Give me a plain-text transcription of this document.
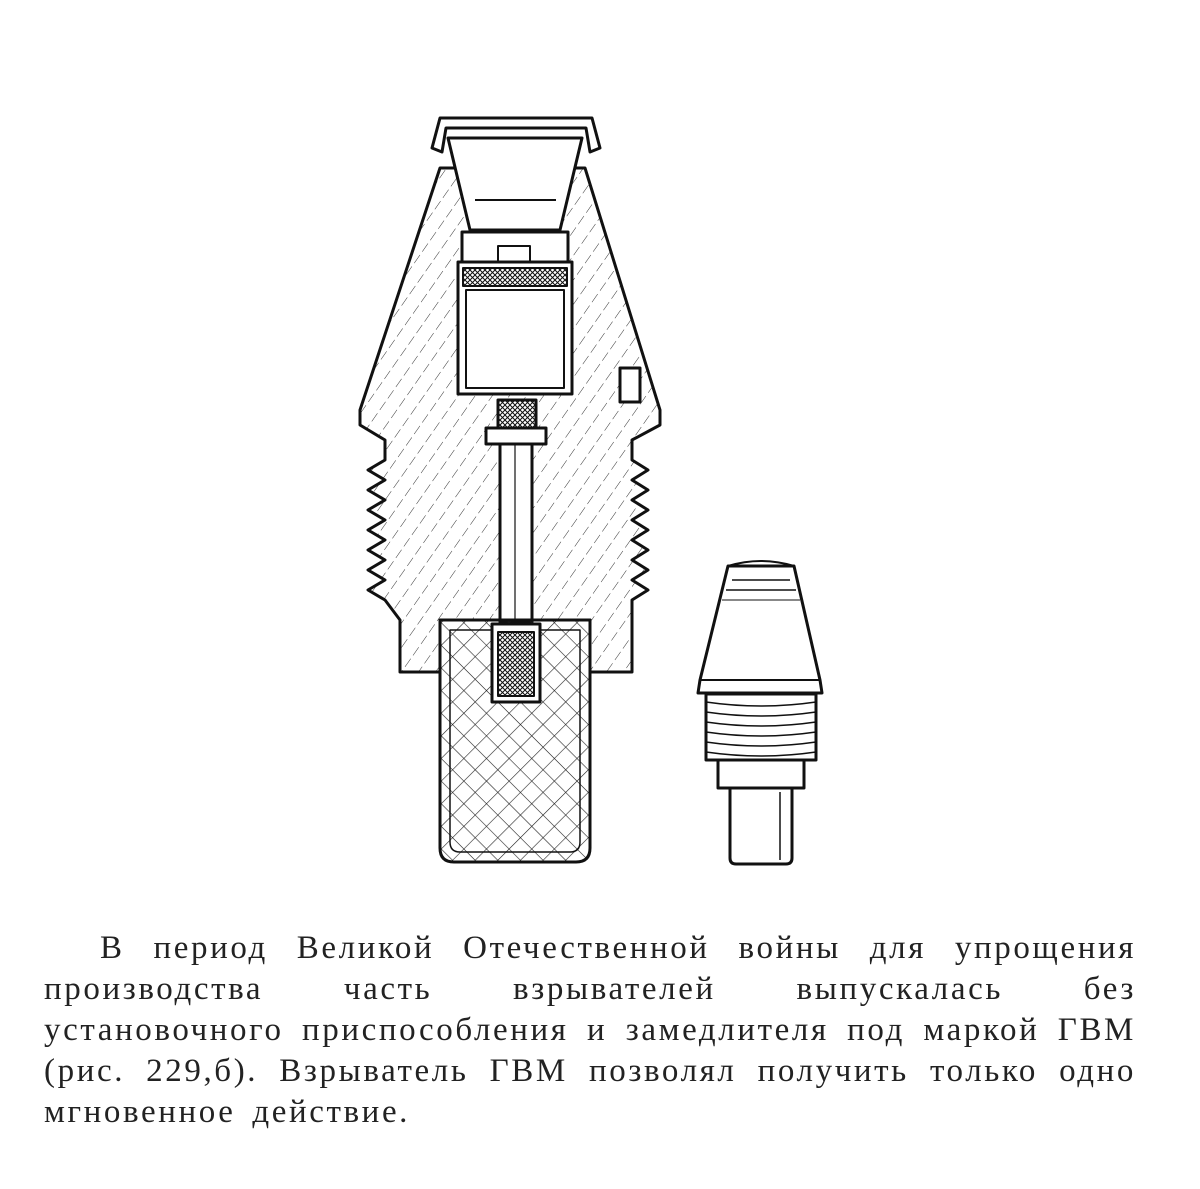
В период Великой Отечественной войны для упрощения производства часть взрывателей выпускалась без установочного приспособления и замедлителя под маркой ГВМ (рис. 229,б). Взрыватель ГВМ позволял получить только одно мгновенное действие.
